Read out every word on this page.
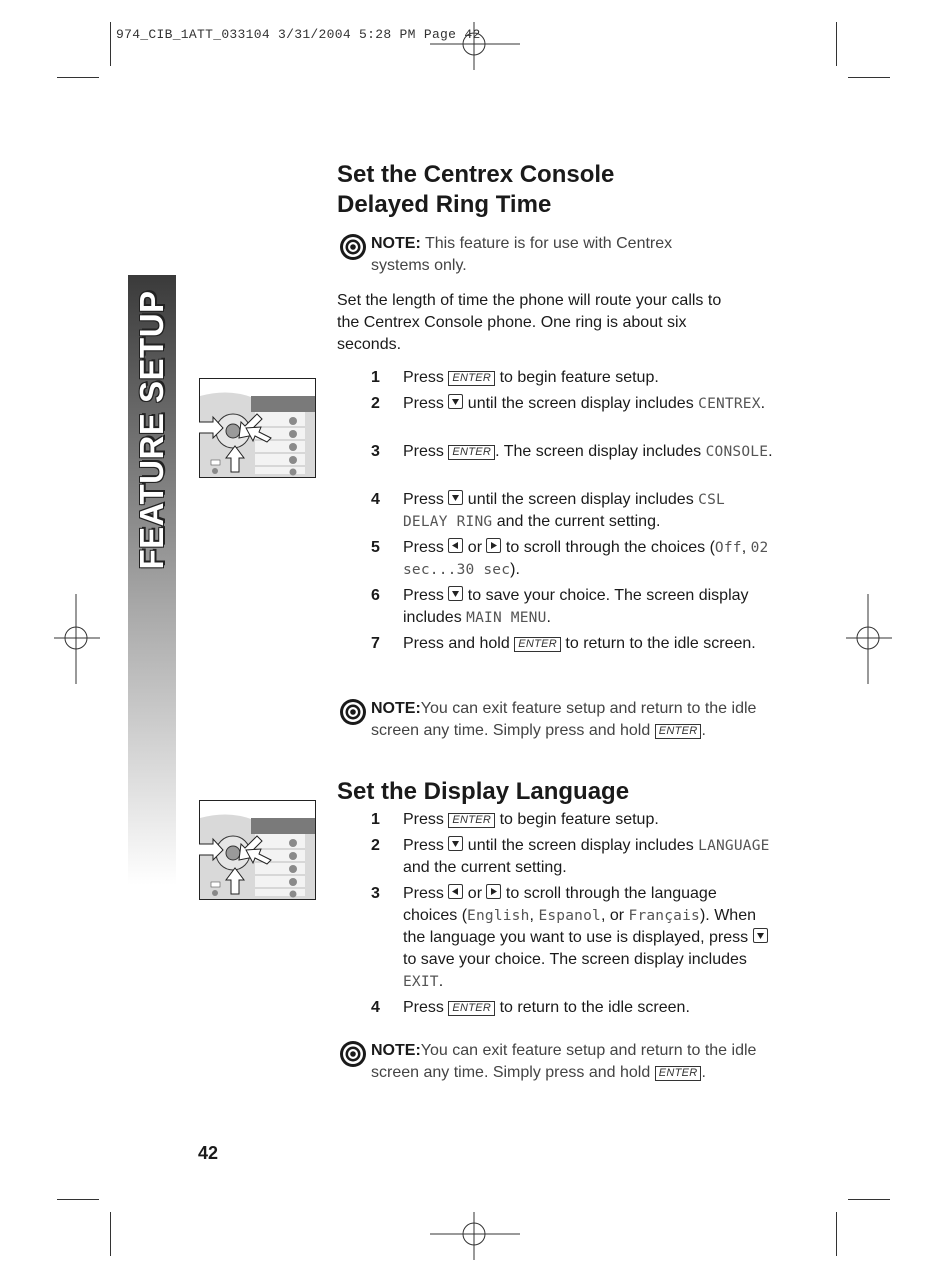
974_CIB_1ATT_033104 3/31/2004 5:28 PM Page 42
FEATURE SETUP
Set the Centrex Console
Delayed Ring Time
NOTE: This feature is for use with Centrex systems only.
Set the length of time the phone will route your calls to the Centrex Console phone. One ring is about six seconds.
1 Press ENTER to begin feature setup.
2 Press
until the screen display includes CENTREX.
3 Press ENTER . The screen display includes CONSOLE.
4 Press
until the screen display includes CSL DELAY RING and the current setting.
5 Press
or
to scroll through the choices (Off, 02 sec...30 sec).
6 Press
to save your choice. The screen display includes MAIN MENU.
7 Press and hold ENTER to return to the idle screen.
NOTE:You can exit feature setup and return to the idle screen any time. Simply press and hold ENTER .
Set the Display Language
1 Press ENTER to begin feature setup.
2 Press
until the screen display includes LANGUAGE and the current setting.
3 Press
or
to scroll through the language choices (English, Espanol, or Français). When the language you want to use is displayed, press
to save your choice. The screen display includes EXIT.
4 Press ENTER to return to the idle screen.
NOTE:You can exit feature setup and return to the idle screen any time. Simply press and hold ENTER .
42
